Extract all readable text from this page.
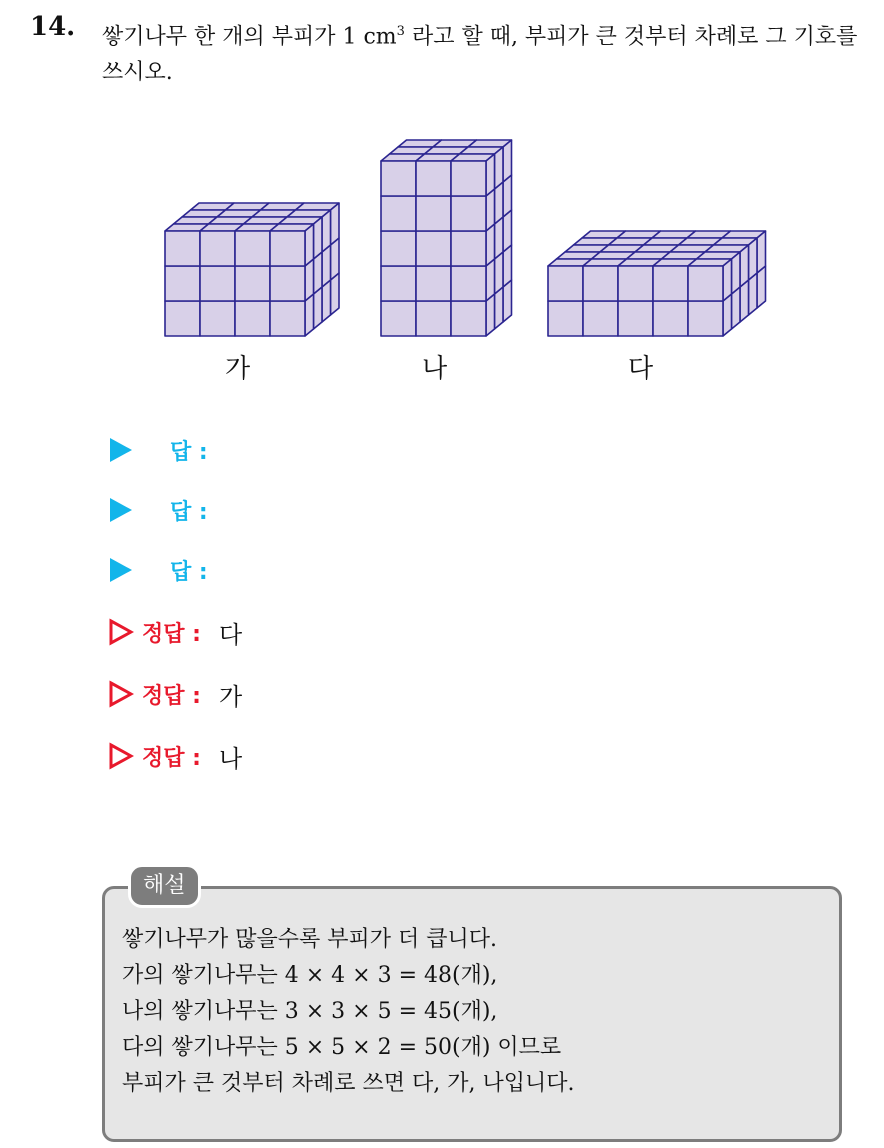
14. 쌓기나무 한 개의 부피가 1 $cm^3$ 라고 할 때, 부피가 큰 것부터 차례로 그 기호를 쓰시오.
가	나	다
답 :
답 :
답 :
정답 : 다
정답 : 가
정답 : 나
해설
쌓기나무가 많을수록 부피가 더 큽니다.
가의 쌓기나무는 4 × 4 × 3 = 48(개),
나의 쌓기나무는 3 × 3 × 5 = 45(개),
다의 쌓기나무는 5 × 5 × 2 = 50(개) 이므로
부피가 큰 것부터 차례로 쓰면 다, 가, 나입니다.
